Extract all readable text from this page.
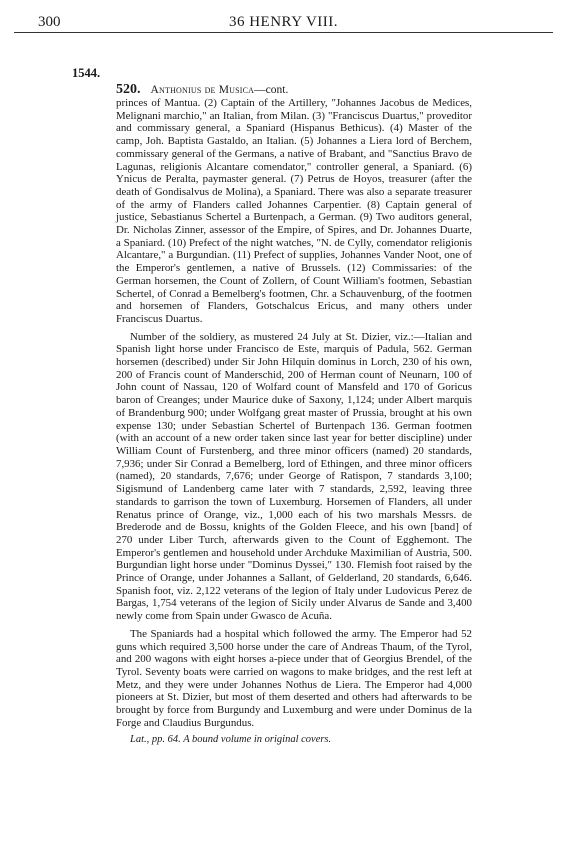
300	36 HENRY VIII.
1544.
520. Anthonius de Musica—cont.

princes of Mantua. (2) Captain of the Artillery, "Johannes Jacobus de Medices, Melignani marchio," an Italian, from Milan. (3) "Franciscus Duartus," proveditor and commissary general, a Spaniard (Hispanus Bethicus). (4) Master of the camp, Joh. Baptista Gastaldo, an Italian. (5) Johannes a Liera lord of Berchem, commissary general of the Germans, a native of Brabant, and "Sanctius Bravo de Lagunas, religionis Alcantare comendator," controller general, a Spaniard. (6) Ynicus de Peralta, paymaster general. (7) Petrus de Hoyos, treasurer (after the death of Gondisalvus de Molina), a Spaniard. There was also a separate treasurer of the army of Flanders called Johannes Carpentier. (8) Captain general of justice, Sebastianus Schertel a Burtenpach, a German. (9) Two auditors general, Dr. Nicholas Zinner, assessor of the Empire, of Spires, and Dr. Johannes Duarte, a Spaniard. (10) Prefect of the night watches, "N. de Cylly, comendator religionis Alcantare," a Burgundian. (11) Prefect of supplies, Johannes Vander Noot, one of the Emperor's gentlemen, a native of Brussels. (12) Commissaries: of the German horsemen, the Count of Zollern, of Count William's footmen, Sebastian Schertel, of Conrad a Bemelberg's footmen, Chr. a Schauvenburg, of the footmen and horsemen of Flanders, Gotschalcus Ericus, and many others under Franciscus Duartus.

Number of the soldiery, as mustered 24 July at St. Dizier, viz.:—Italian and Spanish light horse under Francisco de Este, marquis of Padula, 562. German horsemen (described) under Sir John Hilquin dominus in Lorch, 230 of his own, 200 of Francis count of Manderschid, 200 of Herman count of Neunarn, 100 of John count of Nassau, 120 of Wolfard count of Mansfeld and 170 of Goricus baron of Creanges; under Maurice duke of Saxony, 1,124; under Albert marquis of Brandenburg 900; under Wolfgang great master of Prussia, brought at his own expense 130; under Sebastian Schertel of Burtenpach 136. German footmen (with an account of a new order taken since last year for better discipline) under William Count of Furstenberg, and three minor officers (named) 20 standards, 7,936; under Sir Conrad a Bemelberg, lord of Ethingen, and three minor officers (named), 20 standards, 7,676; under George of Ratispon, 7 standards 3,100; Sigismund of Landenberg came later with 7 standards, 2,592, leaving three standards to garrison the town of Luxemburg. Horsemen of Flanders, all under Renatus prince of Orange, viz., 1,000 each of his two marshals Messrs. de Brederode and de Bossu, knights of the Golden Fleece, and his own [band] of 270 under Liber Turch, afterwards given to the Count of Egghemont. The Emperor's gentlemen and household under Archduke Maximilian of Austria, 500. Burgundian light horse under "Dominus Dyssei," 130. Flemish foot raised by the Prince of Orange, under Johannes a Sallant, of Gelderland, 20 standards, 6,646. Spanish foot, viz. 2,122 veterans of the legion of Italy under Ludovicus Perez de Bargas, 1,754 veterans of the legion of Sicily under Alvarus de Sande and 3,400 newly come from Spain under Gwasco de Acuña.

The Spaniards had a hospital which followed the army. The Emperor had 52 guns which required 3,500 horse under the care of Andreas Thaum, of the Tyrol, and 200 wagons with eight horses a-piece under that of Georgius Brendel, of the Tyrol. Seventy boats were carried on wagons to make bridges, and the rest left at Metz, and they were under Johannes Nothus de Liera. The Emperor had 4,000 pioneers at St. Dizier, but most of them deserted and others had afterwards to be brought by force from Burgundy and Luxemburg and were under Dominus de la Forge and Claudius Burgundus.

Lat., pp. 64. A bound volume in original covers.
